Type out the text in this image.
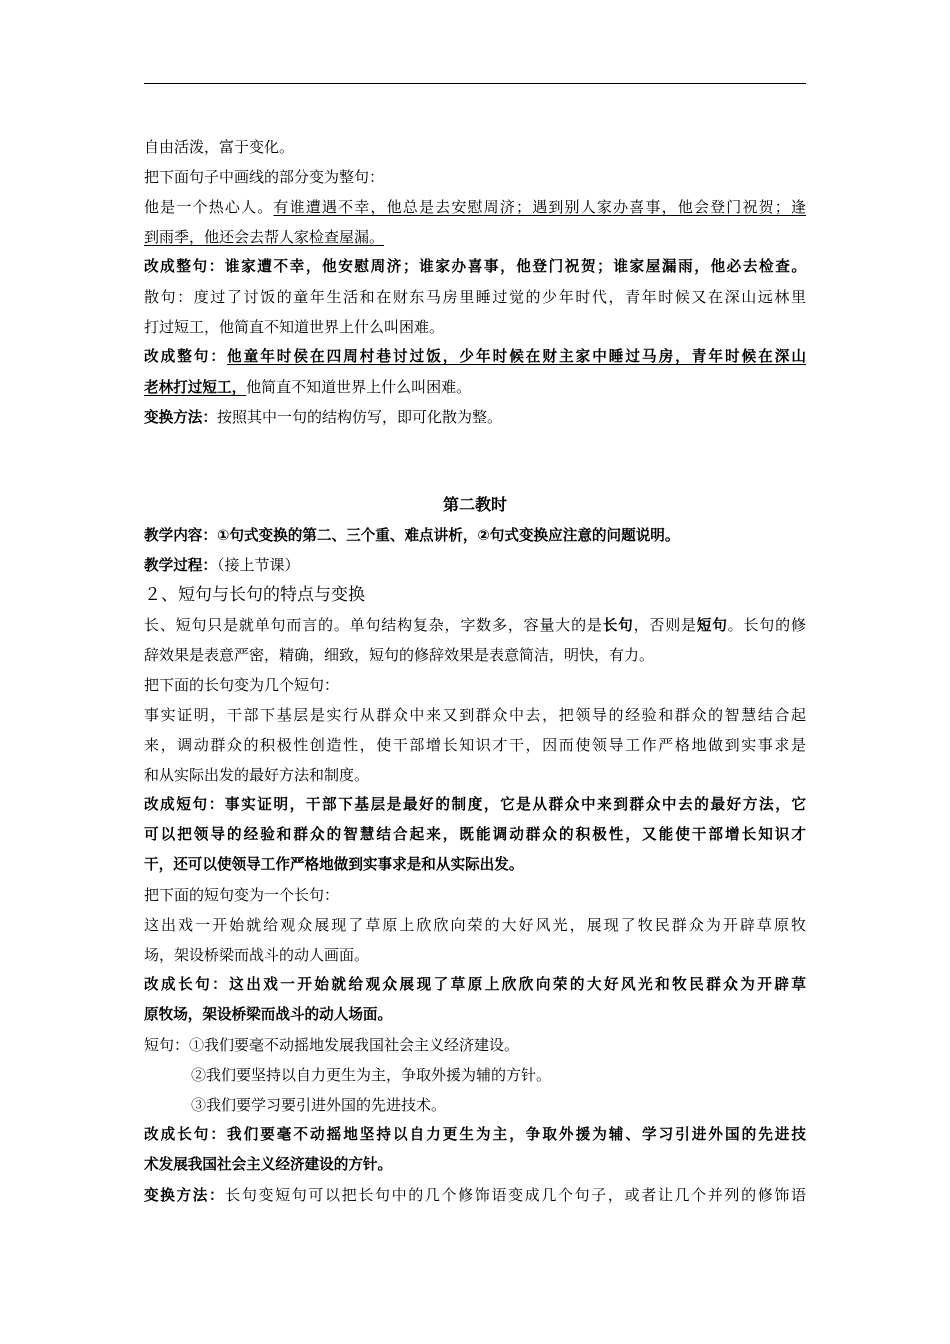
自由活泼，富于变化。
把下面句子中画线的部分变为整句：
他是一个热心人。有谁遭遇不幸，他总是去安慰周济；遇到别人家办喜事，他会登门祝贺；逢
到雨季，他还会去帮人家检查屋漏。
改成整句：谁家遭不幸，他安慰周济；谁家办喜事，他登门祝贺；谁家屋漏雨，他必去检查。
散句：度过了讨饭的童年生活和在财东马房里睡过觉的少年时代，青年时候又在深山远林里
打过短工，他简直不知道世界上什么叫困难。
改成整句：他童年时侯在四周村巷讨过饭，少年时候在财主家中睡过马房，青年时候在深山
老林打过短工，他简直不知道世界上什么叫困难。
变换方法：按照其中一句的结构仿写，即可化散为整。
第二教时
教学内容：①句式变换的第二、三个重、难点讲析，②句式变换应注意的问题说明。
教学过程：（接上节课）
２、短句与长句的特点与变换
长、短句只是就单句而言的。单句结构复杂，字数多，容量大的是长句，否则是短句。长句的修
辞效果是表意严密，精确，细致，短句的修辞效果是表意简洁，明快，有力。
把下面的长句变为几个短句：
事实证明，干部下基层是实行从群众中来又到群众中去，把领导的经验和群众的智慧结合起
来，调动群众的积极性创造性，使干部增长知识才干，因而使领导工作严格地做到实事求是
和从实际出发的最好方法和制度。
改成短句：事实证明，干部下基层是最好的制度，它是从群众中来到群众中去的最好方法，它
可以把领导的经验和群众的智慧结合起来，既能调动群众的积极性，又能使干部增长知识才
干，还可以使领导工作严格地做到实事求是和从实际出发。
把下面的短句变为一个长句：
这出戏一开始就给观众展现了草原上欣欣向荣的大好风光，展现了牧民群众为开辟草原牧
场，架设桥梁而战斗的动人画面。
改成长句：这出戏一开始就给观众展现了草原上欣欣向荣的大好风光和牧民群众为开辟草
原牧场，架设桥梁而战斗的动人场面。
短句：①我们要毫不动摇地发展我国社会主义经济建设。
②我们要坚持以自力更生为主，争取外援为辅的方针。
③我们要学习要引进外国的先进技术。
改成长句：我们要毫不动摇地坚持以自力更生为主，争取外援为辅、学习引进外国的先进技
术发展我国社会主义经济建设的方针。
变换方法：长句变短句可以把长句中的几个修饰语变成几个句子，或者让几个并列的修饰语
